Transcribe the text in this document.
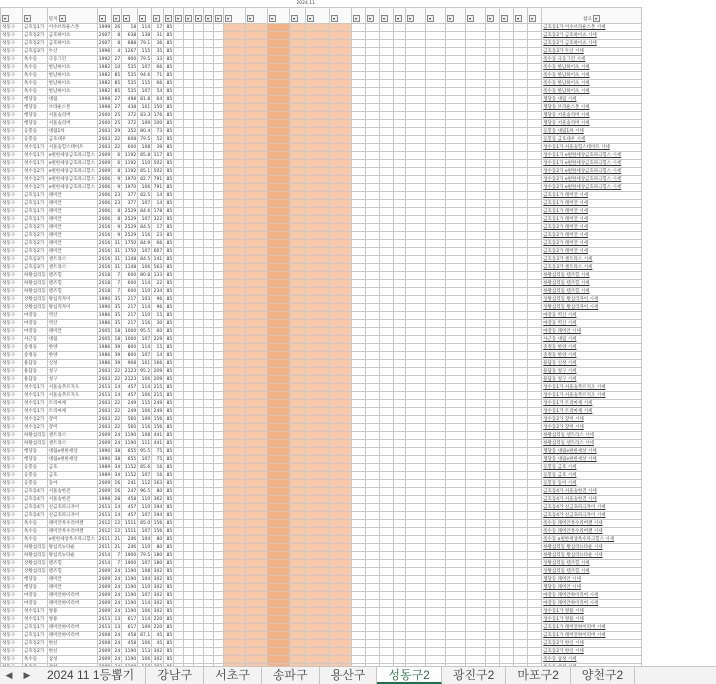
															2024.11																	
		단지																														참고
성동구	금호동1가	이수브라운스톤	1999	26	18	114	17	85																								금호동1가 이수브라운스톤 시세
성동구	금호동2가	금호하이츠	2007	8	638	138	31	85																								금호동2가 금호하이츠 시세
성동구	금호동2가	금호하이츠	2007	8	688	79.1	36	85																								금호동2가 금호하이츠 시세
성동구	금호동3가	두산	1996	4	1267	115	35	85																								금호동3가 두산 시세
성동구	옥수동	극동그린	1992	27	900	79.5	33	85																								옥수동 극동그린 시세
성동구	옥수동	한남하이츠	1982	10	535	107	66	85																								옥수동 한남하이츠 시세
성동구	옥수동	한남하이츠	1982	85	535	94.6	71	85																								옥수동 한남하이츠 시세
성동구	옥수동	한남하이츠	1982	85	535	115	66	85																								옥수동 한남하이츠 시세
성동구	옥수동	한남하이츠	1982	85	535	107	54	85																								옥수동 한남하이츠 시세
성동구	행당동	대림	1998	27	498	81.8	64	85																								행당동 대림 시세
성동구	행당동	브라운스톤	1998	27	438	101	150	85																								행당동 브라운스톤 시세
성동구	행당동	서울숲리버	2000	25	372	83.3	176	85																								행당동 서울숲리버 시세
성동구	행당동	서울숲리버	2000	25	372	109	100	85																								행당동 서울숲리버 시세
성동구	응봉동	대림1차	2003	29	352	80.4	73	85																								응봉동 대림1차 시세
성동구	응봉동	금호대우	2003	22	608	79.5	52	85																								응봉동 금호대우 시세
성동구	성수동1가	서울숲힐스테이트	2003	22	600	108	39	85																								성수동1가 서울숲힐스테이트 시세
성동구	성수동1가	e편한세상금호파크힐스	2009	6	1192	85.8	117	85																								성수동1가 e편한세상금호파크힐스 시세
성동구	성수동1가	e편한세상금호파크힐스	2009	6	1192	110	502	85																								성수동1가 e편한세상금호파크힐스 시세
성동구	성수동2가	e편한세상금호파크힐스	2009	8	1192	85.1	502	85																								성수동2가 e편한세상금호파크힐스 시세
성동구	성수동2가	e편한세상금호파크힐스	2006	9	1970	82.7	791	85																								성수동2가 e편한세상금호파크힐스 시세
성동구	성수동2가	e편한세상금호파크힐스	2006	9	1970	106	791	85																								성수동2가 e편한세상금호파크힐스 시세
성동구	금호동1가	래미안	2006	23	377	82.5	14	85																								금호동1가 래미안 시세
성동구	금호동1가	래미안	2006	23	377	107	14	85																								금호동1가 래미안 시세
성동구	금호동1가	래미안	2006	8	2529	84.6	178	85																								금호동1가 래미안 시세
성동구	금호동1가	래미안	2006	8	2529	107	322	85																								금호동1가 래미안 시세
성동구	금호동2가	래미안	2016	9	2529	84.5	17	85																								금호동2가 래미안 시세
성동구	금호동2가	래미안	2016	9	2529	116	23	85																								금호동2가 래미안 시세
성동구	금호동2가	래미안	2016	31	1750	84.9	66	85																								금호동2가 래미안 시세
성동구	금호동2가	래미안	2016	31	1750	107	607	85																								금호동2가 래미안 시세
성동구	금호동3가	센트라스	2016	31	1148	84.5	141	85																								금호동3가 센트라스 시세
성동구	금호동3가	센트라스	2016	31	1148	106	563	85																								금호동3가 센트라스 시세
성동구	하왕십리동	텐즈힐	2018	7	600	80.8	133	85																								하왕십리동 텐즈힐 시세
성동구	하왕십리동	텐즈힐	2018	7	600	114	22	85																								하왕십리동 텐즈힐 시세
성동구	하왕십리동	텐즈힐	2018	7	600	110	234	85																								하왕십리동 텐즈힐 시세
성동구	상왕십리동	왕십리자이	1990	35	217	103	96	85																								상왕십리동 왕십리자이 시세
성동구	상왕십리동	왕십리자이	1990	35	217	114	96	85																								상왕십리동 왕십리자이 시세
성동구	마장동	벽산	1986	35	217	110	15	85																								마장동 벽산 시세
성동구	마장동	벽산	1986	35	217	116	30	85																								마장동 벽산 시세
성동구	마장동	래미안	2005	18	1000	95.5	60	85																								마장동 래미안 시세
성동구	사근동	대림	2005	18	1000	107	229	85																								사근동 대림 시세
성동구	송정동	한양	1986	39	800	114	15	85																								송정동 한양 시세
성동구	송정동	한양	1986	39	800	107	14	85																								송정동 한양 시세
성동구	용답동	신성	1986	39	908	101	166	85																								용답동 신성 시세
성동구	용답동	청구	2003	22	2123	95.2	209	85																								용답동 청구 시세
성동구	용답동	청구	2003	22	2123	106	209	85																								용답동 청구 시세
성동구	성수동1가	서울숲푸르지오	2013	14	457	114	215	85																								성수동1가 서울숲푸르지오 시세
성동구	성수동1가	서울숲푸르지오	2013	14	457	106	215	85																								성수동1가 서울숲푸르지오 시세
성동구	성수동1가	트리마제	2003	22	249	115	249	85																								성수동1가 트리마제 시세
성동구	성수동1가	트리마제	2003	22	249	106	249	85																								성수동1가 트리마제 시세
성동구	성수동2가	장미	2003	22	560	109	156	85																								성수동2가 장미 시세
성동구	성수동2가	장미	2003	22	560	116	156	85																								성수동2가 장미 시세
성동구	하왕십리동	센트라스	2009	24	1190	108	441	85																								하왕십리동 센트라스 시세
성동구	하왕십리동	센트라스	2009	24	1190	111	441	85																								하왕십리동 센트라스 시세
성동구	행당동	대림e편한세상	1990	38	655	95.5	75	85																								행당동 대림e편한세상 시세
성동구	행당동	대림e편한세상	1990	38	655	107	75	85																								행당동 대림e편한세상 시세
성동구	응봉동	금호	1989	34	1152	85.6	16	85																								응봉동 금호 시세
성동구	응봉동	금호	1989	34	1152	107	16	85																								응봉동 금호 시세
성동구	응봉동	동아	2009	16	241	112	163	85																								응봉동 동아 시세
성동구	금호동4가	서울숲한진	2009	16	247	96.5	80	85																								금호동4가 서울숲한진 시세
성동구	금호동4가	서울숲한진	1998	28	458	110	362	85																								금호동4가 서울숲한진 시세
성동구	금호동4가	신금호파크자이	2013	14	457	110	194	85																								금호동4가 신금호파크자이 시세
성동구	금호동4가	신금호파크자이	2013	14	457	107	194	85																								금호동4가 신금호파크자이 시세
성동구	옥수동	래미안옥수리버젠	2012	12	1511	85.0	156	85																								옥수동 래미안옥수리버젠 시세
성동구	옥수동	래미안옥수리버젠	2012	12	1511	107	156	85																								옥수동 래미안옥수리버젠 시세
성동구	옥수동	e편한세상옥수파크힐스	2011	21	246	104	80	85																								옥수동 e편한세상옥수파크힐스 시세
성동구	하왕십리동	왕십리뉴타운	2011	21	246	110	80	85																								하왕십리동 왕십리뉴타운 시세
성동구	하왕십리동	왕십리뉴타운	2014	7	1900	79.5	180	85																								하왕십리동 왕십리뉴타운 시세
성동구	상왕십리동	텐즈힐	2014	7	1900	107	180	85																								상왕십리동 텐즈힐 시세
성동구	상왕십리동	텐즈힐	2009	24	1190	108	302	85																								상왕십리동 텐즈힐 시세
성동구	행당동	래미안	2009	24	1190	104	302	85																								행당동 래미안 시세
성동구	행당동	래미안	2009	24	1190	110	302	85																								행당동 래미안 시세
성동구	마장동	래미안하이리버	2009	24	1190	107	302	85																								마장동 래미안하이리버 시세
성동구	마장동	래미안하이리버	2009	24	1190	114	302	85																								마장동 래미안하이리버 시세
성동구	성수동1가	쌍용	2009	24	1190	106	302	85																								성수동1가 쌍용 시세
성동구	성수동1가	쌍용	2013	13	617	114	220	85																								성수동1가 쌍용 시세
성동구	금호동1가	래미안하이리버	2013	13	617	109	220	85																								금호동1가 래미안하이리버 시세
성동구	금호동1가	래미안하이리버	2008	24	458	87.1	45	85																								금호동1가 래미안하이리버 시세
성동구	금호동2가	한신	2008	24	458	106	45	85																								금호동2가 한신 시세
성동구	금호동2가	한신	2009	24	1190	113	302	85																								금호동2가 한신 시세
성동구	옥수동	삼성	2009	24	1190	106	302	85																								옥수동 삼성 시세

◀	▶	2024 11 1등뽑기	강남구	서초구	송파구	용산구	성동구2	광진구2	마포구2	양천구2
